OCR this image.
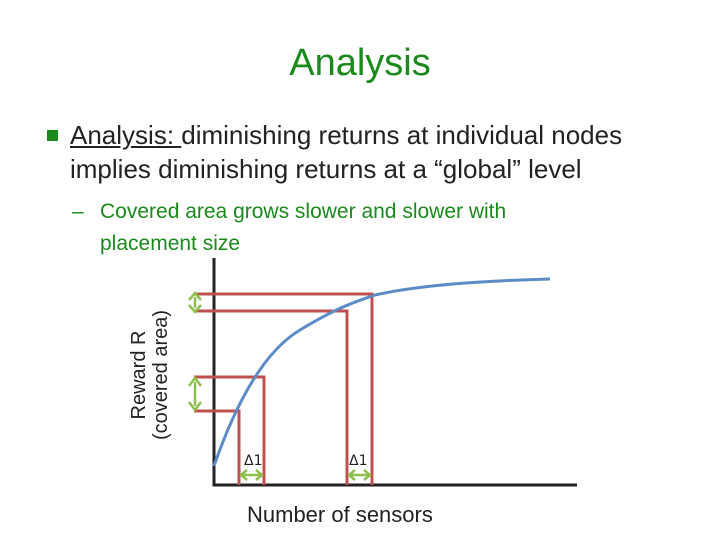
Analysis
Analysis: diminishing returns at individual nodes implies diminishing returns at a “global” level
– Covered area grows slower and slower with
placement size
Δ1	Δ1
Reward R (covered area)
Number of sensors
